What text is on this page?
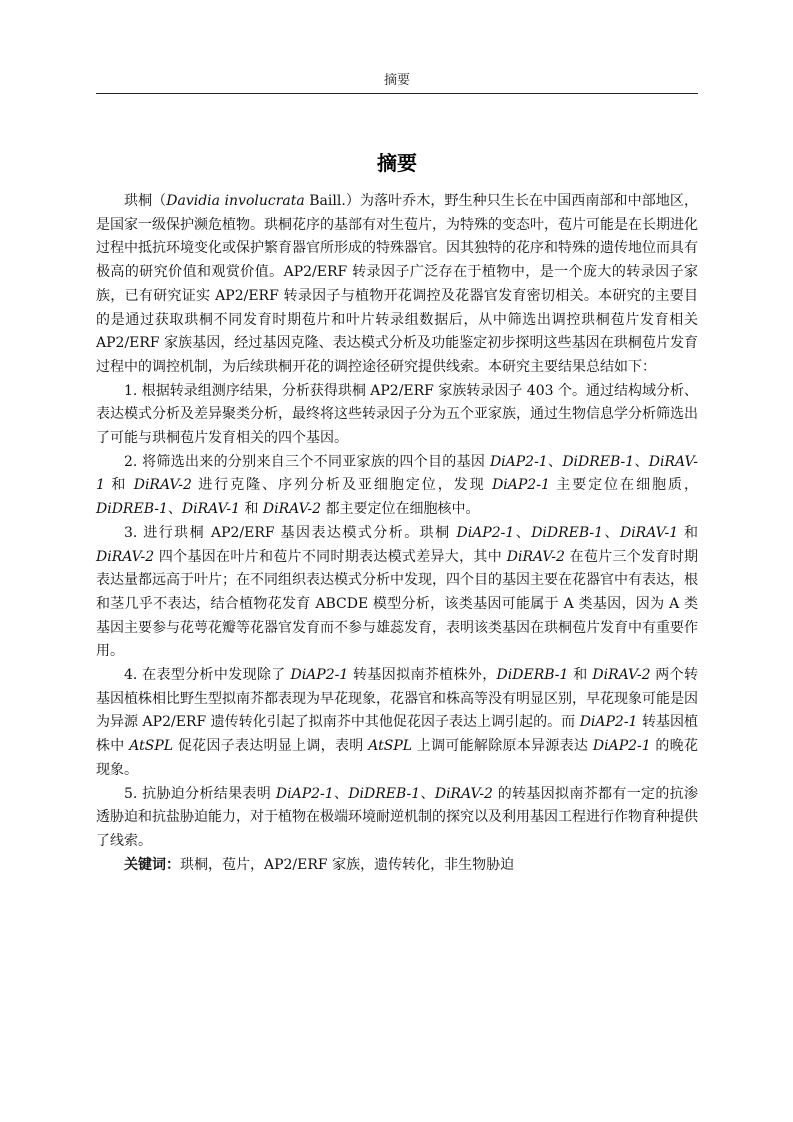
摘要
摘要

珙桐（Davidia involucrata Baill.）为落叶乔木，野生种只生长在中国西南部和中部地区，是国家一级保护濒危植物。珙桐花序的基部有对生苞片，为特殊的变态叶，苞片可能是在长期进化过程中抵抗环境变化或保护繁育器官所形成的特殊器官。因其独特的花序和特殊的遗传地位而具有极高的研究价值和观赏价值。AP2/ERF 转录因子广泛存在于植物中，是一个庞大的转录因子家族，已有研究证实 AP2/ERF 转录因子与植物开花调控及花器官发育密切相关。本研究的主要目的是通过获取珙桐不同发育时期苞片和叶片转录组数据后，从中筛选出调控珙桐苞片发育相关 AP2/ERF 家族基因，经过基因克隆、表达模式分析及功能鉴定初步探明这些基因在珙桐苞片发育过程中的调控机制，为后续珙桐开花的调控途径研究提供线索。本研究主要结果总结如下：

1. 根据转录组测序结果，分析获得珙桐 AP2/ERF 家族转录因子 403 个。通过结构域分析、表达模式分析及差异聚类分析，最终将这些转录因子分为五个亚家族，通过生物信息学分析筛选出了可能与珙桐苞片发育相关的四个基因。

2. 将筛选出来的分别来自三个不同亚家族的四个目的基因 DiAP2-1、DiDREB-1、DiRAV-1 和 DiRAV-2 进行克隆、序列分析及亚细胞定位，发现 DiAP2-1 主要定位在细胞质，DiDREB-1、DiRAV-1 和 DiRAV-2 都主要定位在细胞核中。

3. 进行珙桐 AP2/ERF 基因表达模式分析。珙桐 DiAP2-1、DiDREB-1、DiRAV-1 和 DiRAV-2 四个基因在叶片和苞片不同时期表达模式差异大，其中 DiRAV-2 在苞片三个发育时期表达量都远高于叶片；在不同组织表达模式分析中发现，四个目的基因主要在花器官中有表达，根和茎几乎不表达，结合植物花发育 ABCDE 模型分析，该类基因可能属于 A 类基因，因为 A 类基因主要参与花萼花瓣等花器官发育而不参与雄蕊发育，表明该类基因在珙桐苞片发育中有重要作用。

4. 在表型分析中发现除了 DiAP2-1 转基因拟南芥植株外，DiDERB-1 和 DiRAV-2 两个转基因植株相比野生型拟南芥都表现为早花现象，花器官和株高等没有明显区别，早花现象可能是因为异源 AP2/ERF 遗传转化引起了拟南芥中其他促花因子表达上调引起的。而 DiAP2-1 转基因植株中 AtSPL 促花因子表达明显上调，表明 AtSPL 上调可能解除原本异源表达 DiAP2-1 的晚花现象。

5. 抗胁迫分析结果表明 DiAP2-1、DiDREB-1、DiRAV-2 的转基因拟南芥都有一定的抗渗透胁迫和抗盐胁迫能力，对于植物在极端环境耐逆机制的探究以及利用基因工程进行作物育种提供了线索。

关键词：珙桐，苞片，AP2/ERF 家族，遗传转化，非生物胁迫
